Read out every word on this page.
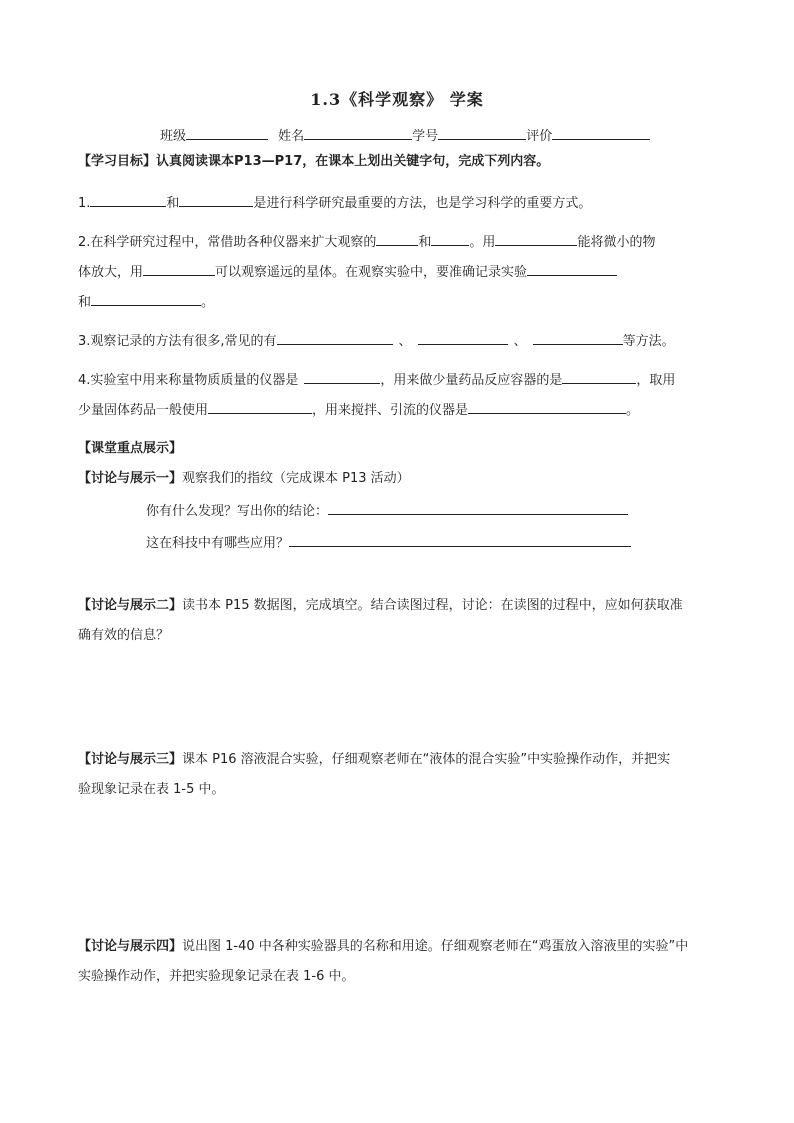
1.3《科学观察》 学案
班级	姓名	学号	评价
【学习目标】认真阅读课本P13—P17，在课本上划出关键字句，完成下列内容。
1.	和	是进行科学研究最重要的方法，也是学习科学的重要方式。
2.在科学研究过程中，常借助各种仪器来扩大观察的	和	。用	能将微小的物
体放大，用	可以观察遥远的星体。在观察实验中，要准确记录实验
和	。
3.观察记录的方法有很多,常见的有	、	、	等方法。
4.实验室中用来称量物质质量的仪器是	，用来做少量药品反应容器的是	，取用
少量固体药品一般使用	，用来搅拌、引流的仪器是	。
【课堂重点展示】
【讨论与展示一】观察我们的指纹（完成课本 P13 活动）
你有什么发现？写出你的结论：
这在科技中有哪些应用？
【讨论与展示二】读书本 P15 数据图，完成填空。结合读图过程，讨论：在读图的过程中，应如何获取准
确有效的信息？
【讨论与展示三】课本 P16 溶液混合实验，仔细观察老师在“液体的混合实验”中实验操作动作，并把实
验现象记录在表 1-5 中。
【讨论与展示四】说出图 1-40 中各种实验器具的名称和用途。仔细观察老师在“鸡蛋放入溶液里的实验”中
实验操作动作，并把实验现象记录在表 1-6 中。
